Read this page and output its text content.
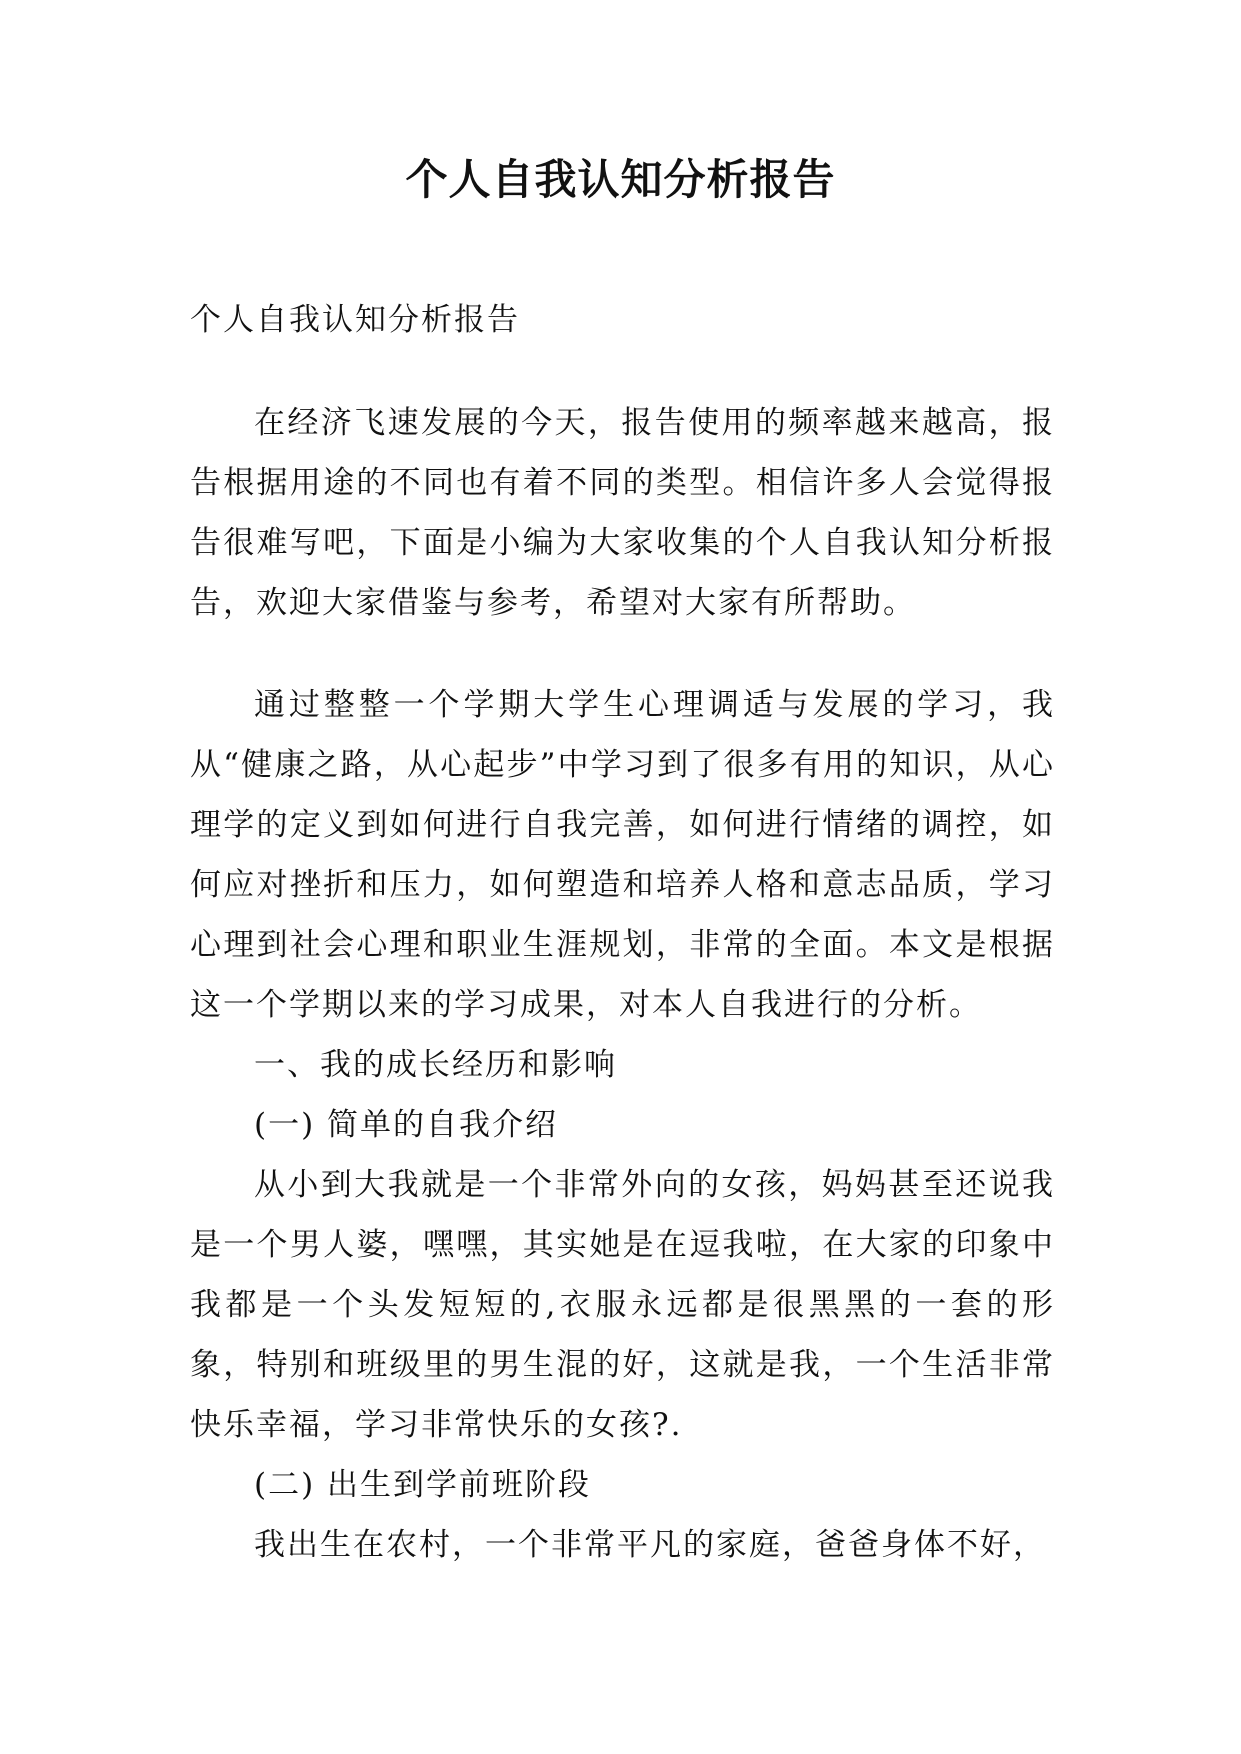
个人自我认知分析报告

个人自我认知分析报告

在经济飞速发展的今天，报告使用的频率越来越高，报告根据用途的不同也有着不同的类型。相信许多人会觉得报告很难写吧，下面是小编为大家收集的个人自我认知分析报告，欢迎大家借鉴与参考，希望对大家有所帮助。

通过整整一个学期大学生心理调适与发展的学习，我从“健康之路，从心起步”中学习到了很多有用的知识，从心理学的定义到如何进行自我完善，如何进行情绪的调控，如何应对挫折和压力，如何塑造和培养人格和意志品质，学习心理到社会心理和职业生涯规划，非常的全面。本文是根据这一个学期以来的学习成果，对本人自我进行的分析。

一、我的成长经历和影响

(一) 简单的自我介绍

从小到大我就是一个非常外向的女孩，妈妈甚至还说我是一个男人婆，嘿嘿，其实她是在逗我啦，在大家的印象中我都是一个头发短短的,衣服永远都是很黑黑的一套的形象，特别和班级里的男生混的好，这就是我，一个生活非常快乐幸福，学习非常快乐的女孩?.

(二) 出生到学前班阶段

我出生在农村，一个非常平凡的家庭，爸爸身体不好，
